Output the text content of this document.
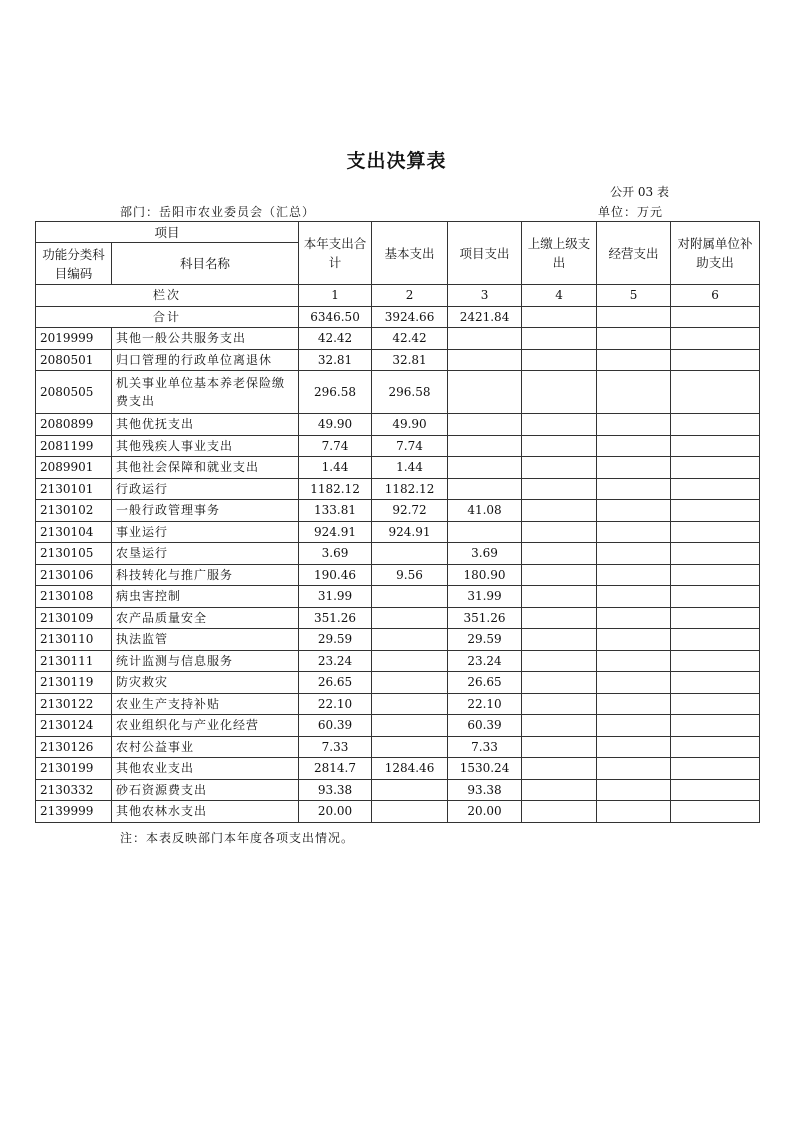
支出决算表
公开 03 表
部门：岳阳市农业委员会（汇总）	单位：万元
项目		本年支出合计	基本支出	项目支出	上缴上级支出	经营支出	对附属单位补助支出
功能分类科目编码	科目名称						
栏次		1	2	3	4	5	6
合计		6346.50	3924.66	2421.84			
2019999	其他一般公共服务支出	42.42	42.42				
2080501	归口管理的行政单位离退休	32.81	32.81				
2080505	机关事业单位基本养老保险缴费支出	296.58	296.58				
2080899	其他优抚支出	49.90	49.90				
2081199	其他残疾人事业支出	7.74	7.74				
2089901	其他社会保障和就业支出	1.44	1.44				
2130101	行政运行	1182.12	1182.12				
2130102	一般行政管理事务	133.81	92.72	41.08			
2130104	事业运行	924.91	924.91				
2130105	农垦运行	3.69		3.69			
2130106	科技转化与推广服务	190.46	9.56	180.90			
2130108	病虫害控制	31.99		31.99			
2130109	农产品质量安全	351.26		351.26			
2130110	执法监管	29.59		29.59			
2130111	统计监测与信息服务	23.24		23.24			
2130119	防灾救灾	26.65		26.65			
2130122	农业生产支持补贴	22.10		22.10			
2130124	农业组织化与产业化经营	60.39		60.39			
2130126	农村公益事业	7.33		7.33			
2130199	其他农业支出	2814.7	1284.46	1530.24			
2130332	砂石资源费支出	93.38		93.38			
2139999	其他农林水支出	20.00		20.00			
注：本表反映部门本年度各项支出情况。
